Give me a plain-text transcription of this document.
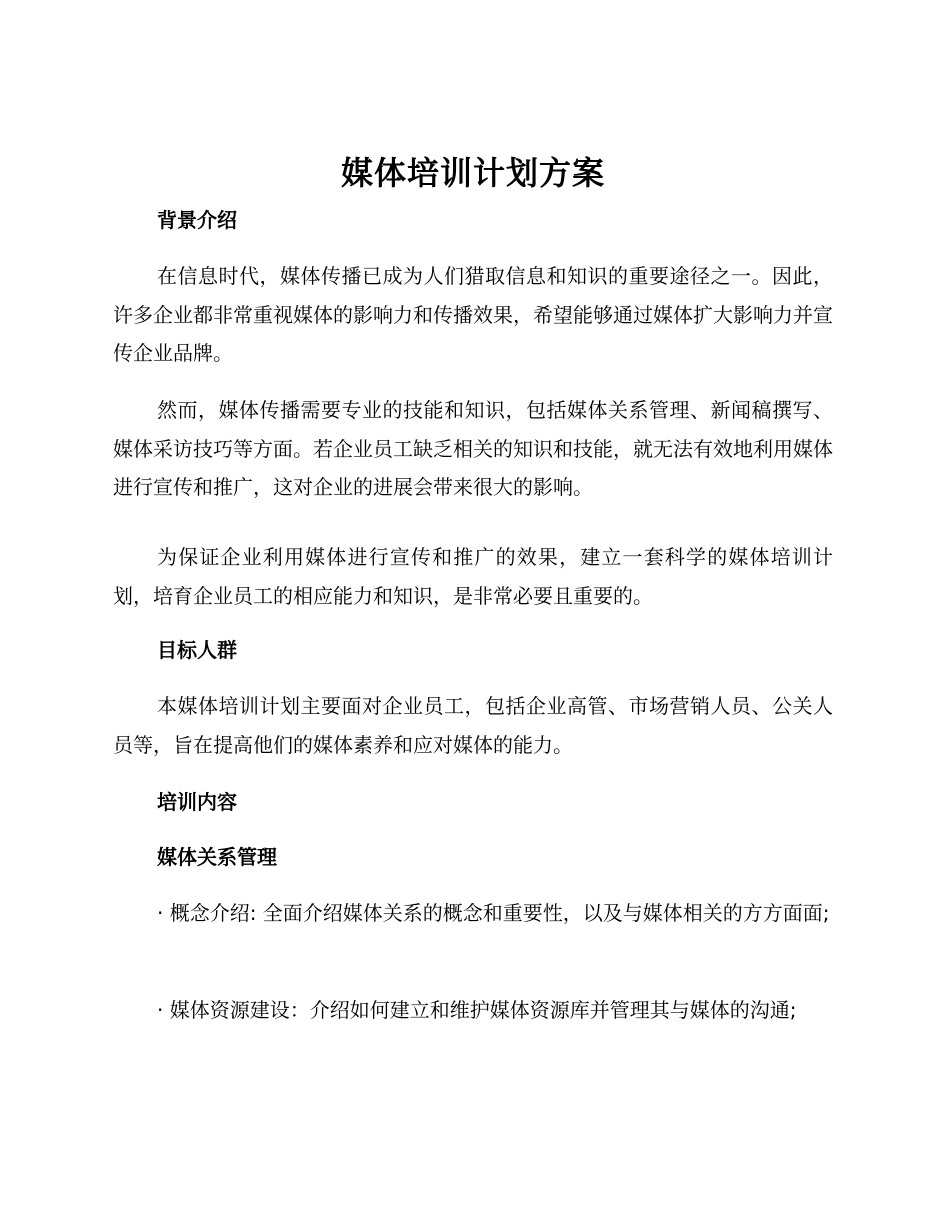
媒体培训计划方案
背景介绍

在信息时代，媒体传播已成为人们猎取信息和知识的重要途径之一。因此，许多企业都非常重视媒体的影响力和传播效果，希望能够通过媒体扩大影响力并宣传企业品牌。

然而，媒体传播需要专业的技能和知识，包括媒体关系管理、新闻稿撰写、媒体采访技巧等方面。若企业员工缺乏相关的知识和技能，就无法有效地利用媒体进行宣传和推广，这对企业的进展会带来很大的影响。

为保证企业利用媒体进行宣传和推广的效果，建立一套科学的媒体培训计划，培育企业员工的相应能力和知识，是非常必要且重要的。

目标人群

本媒体培训计划主要面对企业员工，包括企业高管、市场营销人员、公关人员等，旨在提高他们的媒体素养和应对媒体的能力。

培训内容
媒体关系管理

· 概念介绍: 全面介绍媒体关系的概念和重要性，以及与媒体相关的方方面面;

· 媒体资源建设：介绍如何建立和维护媒体资源库并管理其与媒体的沟通;
